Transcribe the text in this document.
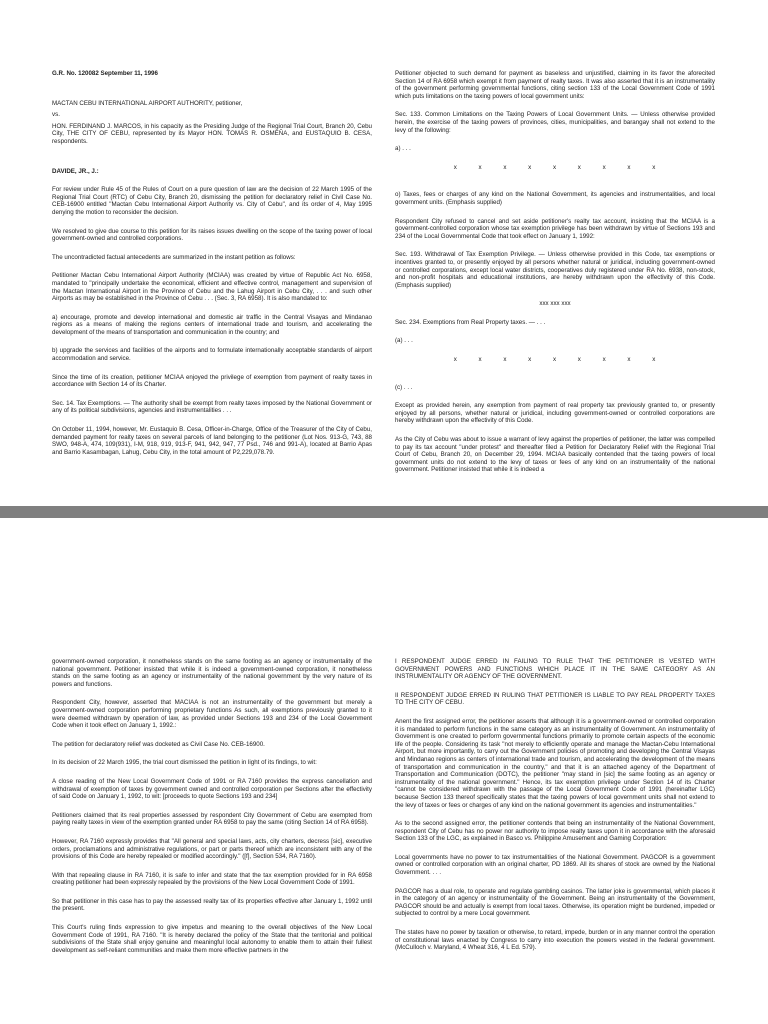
G.R. No. 120082 September 11, 1996

MACTAN CEBU INTERNATIONAL AIRPORT AUTHORITY, petitioner,

vs.

HON. FERDINAND J. MARCOS, in his capacity as the Presiding Judge of the Regional Trial Court, Branch 20, Cebu City, THE CITY OF CEBU, represented by its Mayor HON. TOMAS R. OSMEÑA, and EUSTAQUIO B. CESA, respondents.

DAVIDE, JR., J.:

For review under Rule 45 of the Rules of Court on a pure question of law are the decision of 22 March 1995 of the Regional Trial Court (RTC) of Cebu City, Branch 20, dismissing the petition for declaratory relief in Civil Case No. CEB-16900 entitled "Mactan Cebu International Airport Authority vs. City of Cebu", and its order of 4, May 1995 denying the motion to reconsider the decision.

We resolved to give due course to this petition for its raises issues dwelling on the scope of the taxing power of local government-owned and controlled corporations.

The uncontradicted factual antecedents are summarized in the instant petition as follows:

Petitioner Mactan Cebu International Airport Authority (MCIAA) was created by virtue of Republic Act No. 6958, mandated to "principally undertake the economical, efficient and effective control, management and supervision of the Mactan International Airport in the Province of Cebu and the Lahug Airport in Cebu City, . . . and such other Airports as may be established in the Province of Cebu . . . (Sec. 3, RA 6958). It is also mandated to:

a) encourage, promote and develop international and domestic air traffic in the Central Visayas and Mindanao regions as a means of making the regions centers of international trade and tourism, and accelerating the development of the means of transportation and communication in the country; and

b) upgrade the services and facilities of the airports and to formulate internationally acceptable standards of airport accommodation and service.

Since the time of its creation, petitioner MCIAA enjoyed the privilege of exemption from payment of realty taxes in accordance with Section 14 of its Charter.

Sec. 14. Tax Exemptions. — The authority shall be exempt from realty taxes imposed by the National Government or any of its political subdivisions, agencies and instrumentalities . . .

On October 11, 1994, however, Mr. Eustaquio B. Cesa, Officer-in-Charge, Office of the Treasurer of the City of Cebu, demanded payment for realty taxes on several parcels of land belonging to the petitioner (Lot Nos. 913-G, 743, 88 SWO, 948-A, 474, 109(931), I-M, 918, 919, 913-F, 941, 942, 947, 77 Psd., 746 and 991-A), located at Barrio Apas and Barrio Kasambagan, Lahug, Cebu City, in the total amount of P2,229,078.79.

Petitioner objected to such demand for payment as baseless and unjustified, claiming in its favor the aforecited Section 14 of RA 6958 which exempt it from payment of realty taxes. It was also asserted that it is an instrumentality of the government performing governmental functions, citing section 133 of the Local Government Code of 1991 which puts limitations on the taxing powers of local government units:

Sec. 133. Common Limitations on the Taxing Powers of Local Government Units. — Unless otherwise provided herein, the exercise of the taxing powers of provinces, cities, municipalities, and barangay shall not extend to the levy of the following:

a) . . .

x x x x x x x x x

o) Taxes, fees or charges of any kind on the National Government, its agencies and instrumentalities, and local government units. (Emphasis supplied)

Respondent City refused to cancel and set aside petitioner's realty tax account, insisting that the MCIAA is a government-controlled corporation whose tax exemption privilege has been withdrawn by virtue of Sections 193 and 234 of the Local Governmental Code that took effect on January 1, 1992:

Sec. 193. Withdrawal of Tax Exemption Privilege. — Unless otherwise provided in this Code, tax exemptions or incentives granted to, or presently enjoyed by all persons whether natural or juridical, including government-owned or controlled corporations, except local water districts, cooperatives duly registered under RA No. 6938, non-stock, and non-profit hospitals and educational institutions, are hereby withdrawn upon the effectivity of this Code. (Emphasis supplied)

xxx xxx xxx

Sec. 234. Exemptions from Real Property taxes. — . . .

(a) . . .

x x x x x x x x x

(c) . . .

Except as provided herein, any exemption from payment of real property tax previously granted to, or presently enjoyed by all persons, whether natural or juridical, including government-owned or controlled corporations are hereby withdrawn upon the effectivity of this Code.

As the City of Cebu was about to issue a warrant of levy against the properties of petitioner, the latter was compelled to pay its tax account "under protest" and thereafter filed a Petition for Declaratory Relief with the Regional Trial Court of Cebu, Branch 20, on December 29, 1994. MCIAA basically contended that the taxing powers of local government units do not extend to the levy of taxes or fees of any kind on an instrumentality of the national government. Petitioner insisted that while it is indeed a

government-owned corporation, it nonetheless stands on the same footing as an agency or instrumentality of the national government. Petitioner insisted that while it is indeed a government-owned corporation, it nonetheless stands on the same footing as an agency or instrumentality of the national government by the very nature of its powers and functions.

Respondent City, however, asserted that MACIAA is not an instrumentality of the government but merely a government-owned corporation performing proprietary functions As such, all exemptions previously granted to it were deemed withdrawn by operation of law, as provided under Sections 193 and 234 of the Local Government Code when it took effect on January 1, 1992.:

The petition for declaratory relief was docketed as Civil Case No. CEB-16900.

In its decision of 22 March 1995, the trial court dismissed the petition in light of its findings, to wit:

A close reading of the New Local Government Code of 1991 or RA 7160 provides the express cancellation and withdrawal of exemption of taxes by government owned and controlled corporation per Sections after the effectivity of said Code on January 1, 1992, to wit: [proceeds to quote Sections 193 and 234]

Petitioners claimed that its real properties assessed by respondent City Government of Cebu are exempted from paying realty taxes in view of the exemption granted under RA 6958 to pay the same (citing Section 14 of RA 6958).

However, RA 7160 expressly provides that "All general and special laws, acts, city charters, decress [sic], executive orders, proclamations and administrative regulations, or part or parts thereof which are inconsistent with any of the provisions of this Code are hereby repealed or modified accordingly." ([f], Section 534, RA 7160).

With that repealing clause in RA 7160, it is safe to infer and state that the tax exemption provided for in RA 6958 creating petitioner had been expressly repealed by the provisions of the New Local Government Code of 1991.

So that petitioner in this case has to pay the assessed realty tax of its properties effective after January 1, 1992 until the present.

This Court's ruling finds expression to give impetus and meaning to the overall objectives of the New Local Government Code of 1991, RA 7160. "It is hereby declared the policy of the State that the territorial and political subdivisions of the State shall enjoy genuine and meaningful local autonomy to enable them to attain their fullest development as self-reliant communities and make them more effective partners in the

I RESPONDENT JUDGE ERRED IN FAILING TO RULE THAT THE PETITIONER IS VESTED WITH GOVERNMENT POWERS AND FUNCTIONS WHICH PLACE IT IN THE SAME CATEGORY AS AN INSTRUMENTALITY OR AGENCY OF THE GOVERNMENT.

II RESPONDENT JUDGE ERRED IN RULING THAT PETITIONER IS LIABLE TO PAY REAL PROPERTY TAXES TO THE CITY OF CEBU.

Anent the first assigned error, the petitioner asserts that although it is a government-owned or controlled corporation it is mandated to perform functions in the same category as an instrumentality of Government. An instrumentality of Government is one created to perform governmental functions primarily to promote certain aspects of the economic life of the people. Considering its task "not merely to efficiently operate and manage the Mactan-Cebu International Airport, but more importantly, to carry out the Government policies of promoting and developing the Central Visayas and Mindanao regions as centers of international trade and tourism, and accelerating the development of the means of transportation and communication in the country," and that it is an attached agency of the Department of Transportation and Communication (DOTC), the petitioner "may stand in [sic] the same footing as an agency or instrumentality of the national government." Hence, its tax exemption privilege under Section 14 of its Charter "cannot be considered withdrawn with the passage of the Local Government Code of 1991 (hereinafter LGC) because Section 133 thereof specifically states that the taxing powers of local government units shall not extend to the levy of taxes or fees or charges of any kind on the national government its agencies and instrumentalities."

As to the second assigned error, the petitioner contends that being an instrumentality of the National Government, respondent City of Cebu has no power nor authority to impose realty taxes upon it in accordance with the aforesaid Section 133 of the LGC, as explained in Basco vs. Philippine Amusement and Gaming Corporation:

Local governments have no power to tax instrumentalities of the National Government. PAGCOR is a government owned or controlled corporation with an original charter, PD 1869. All its shares of stock are owned by the National Government. . . .

PAGCOR has a dual role, to operate and regulate gambling casinos. The latter joke is governmental, which places it in the category of an agency or instrumentality of the Government. Being an instrumentality of the Government, PAGCOR should be and actually is exempt from local taxes. Otherwise, its operation might be burdened, impeded or subjected to control by a mere Local government.

The states have no power by taxation or otherwise, to retard, impede, burden or in any manner control the operation of constitutional laws enacted by Congress to carry into execution the powers vested in the federal government. (McCulloch v. Maryland, 4 Wheat 316, 4 L Ed. 579).
